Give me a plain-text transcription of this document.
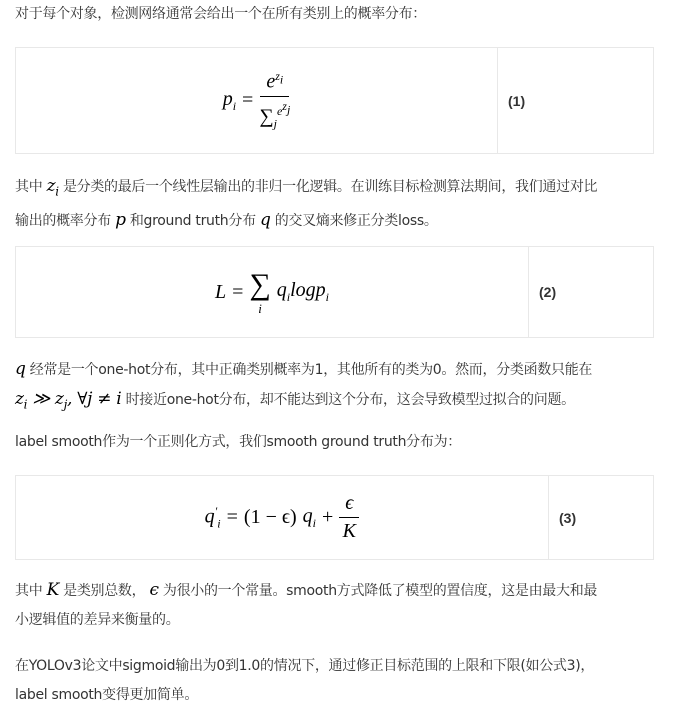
对于每个对象，检测网络通常会给出一个在所有类别上的概率分布：
$p_i = \frac{e^{z_i}}{\sum_j^{e^{z_j}}}$	(1)
其中 $z_i$ 是分类的最后一个线性层输出的非归一化逻辑。在训练目标检测算法期间，我们通过对比
输出的概率分布 p 和ground truth分布 q 的交叉熵来修正分类loss。
L = ∑
i
$q_i\log p_i$	(2)
q 经常是一个one-hot分布，其中正确类别概率为1，其他所有的类为0。然而，分类函数只能在
$z_i$ ≫ $z_j$, ∀j ≠ i 时接近one-hot分布，却不能达到这个分布，这会导致模型过拟合的问题。
label smooth作为一个正则化方式，我们smooth ground truth分布为：
$q'_i = (1 - \epsilon) q_i + \frac{\epsilon}{K}$	(3)
其中 K 是类别总数， ϵ 为很小的一个常量。smooth方式降低了模型的置信度，这是由最大和最
小逻辑值的差异来衡量的。
在YOLOv3论文中sigmoid输出为0到1.0的情况下，通过修正目标范围的上限和下限(如公式3)，
label smooth变得更加简单。
